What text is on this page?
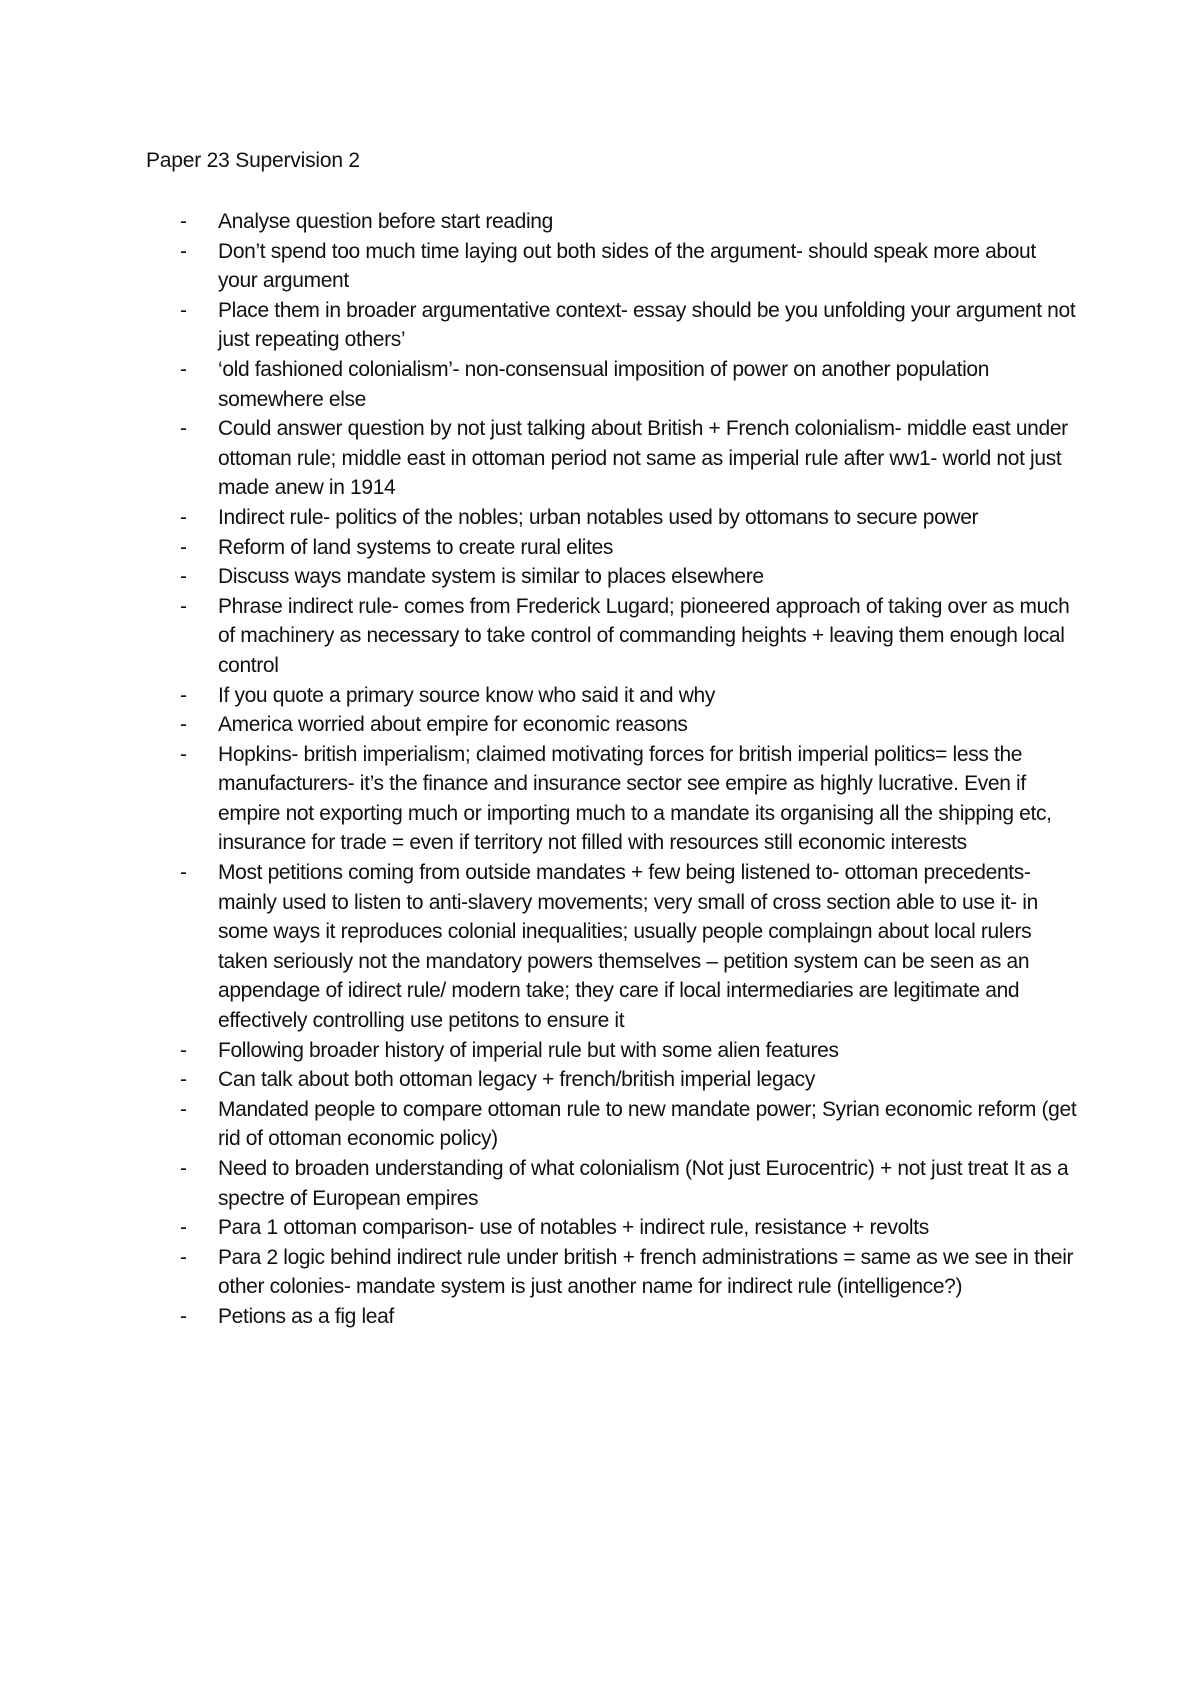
Paper 23 Supervision 2
-	Analyse question before start reading
-	Don’t spend too much time laying out both sides of the argument- should speak more about your argument
-	Place them in broader argumentative context- essay should be you unfolding your argument not just repeating others’
-	‘old fashioned colonialism’- non-consensual imposition of power on another population somewhere else
-	Could answer question by not just talking about British + French colonialism- middle east under ottoman rule; middle east in ottoman period not same as imperial rule after ww1- world not just made anew in 1914
-	Indirect rule- politics of the nobles; urban notables used by ottomans to secure power
-	Reform of land systems to create rural elites
-	Discuss ways mandate system is similar to places elsewhere
-	Phrase indirect rule- comes from Frederick Lugard; pioneered approach of taking over as much of machinery as necessary to take control of commanding heights + leaving them enough local control
-	If you quote a primary source know who said it and why
-	America worried about empire for economic reasons
-	Hopkins- british imperialism; claimed motivating forces for british imperial politics= less the manufacturers- it’s the finance and insurance sector see empire as highly lucrative. Even if empire not exporting much or importing much to a mandate its organising all the shipping etc, insurance for trade = even if territory not filled with resources still economic interests
-	Most petitions coming from outside mandates + few being listened to- ottoman precedents- mainly used to listen to anti-slavery movements; very small of cross section able to use it- in some ways it reproduces colonial inequalities; usually people complaingn about local rulers taken seriously not the mandatory powers themselves – petition system can be seen as an appendage of idirect rule/ modern take; they care if local intermediaries are legitimate and effectively controlling use petitons to ensure it
-	Following broader history of imperial rule but with some alien features
-	Can talk about both ottoman legacy + french/british imperial legacy
-	Mandated people to compare ottoman rule to new mandate power; Syrian economic reform (get rid of ottoman economic policy)
-	Need to broaden understanding of what colonialism (Not just Eurocentric) + not just treat It as a spectre of European empires
-	Para 1 ottoman comparison- use of notables + indirect rule, resistance + revolts
-	Para 2 logic behind indirect rule under british + french administrations = same as we see in their other colonies- mandate system is just another name for indirect rule (intelligence?)
-	Petions as a fig leaf
